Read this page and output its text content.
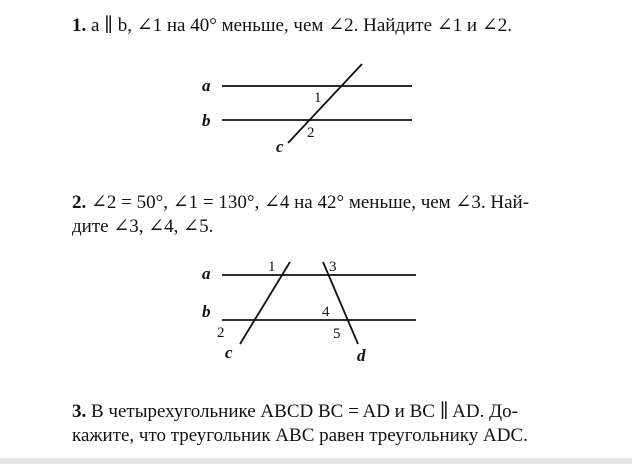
1. a ∥ b, ∠1 на 40° меньше, чем ∠2. Найдите ∠1 и ∠2.

a
b
c
1
2
a
b
c	d
1
2
3
4
5

2. ∠2 = 50°, ∠1 = 130°, ∠4 на 42° меньше, чем ∠3. Най-

дите ∠3, ∠4, ∠5.

3. В четырехугольнике ABCD BC = AD и BC ∥ AD. До-

кажите, что треугольник ABC равен треугольнику ADC.
